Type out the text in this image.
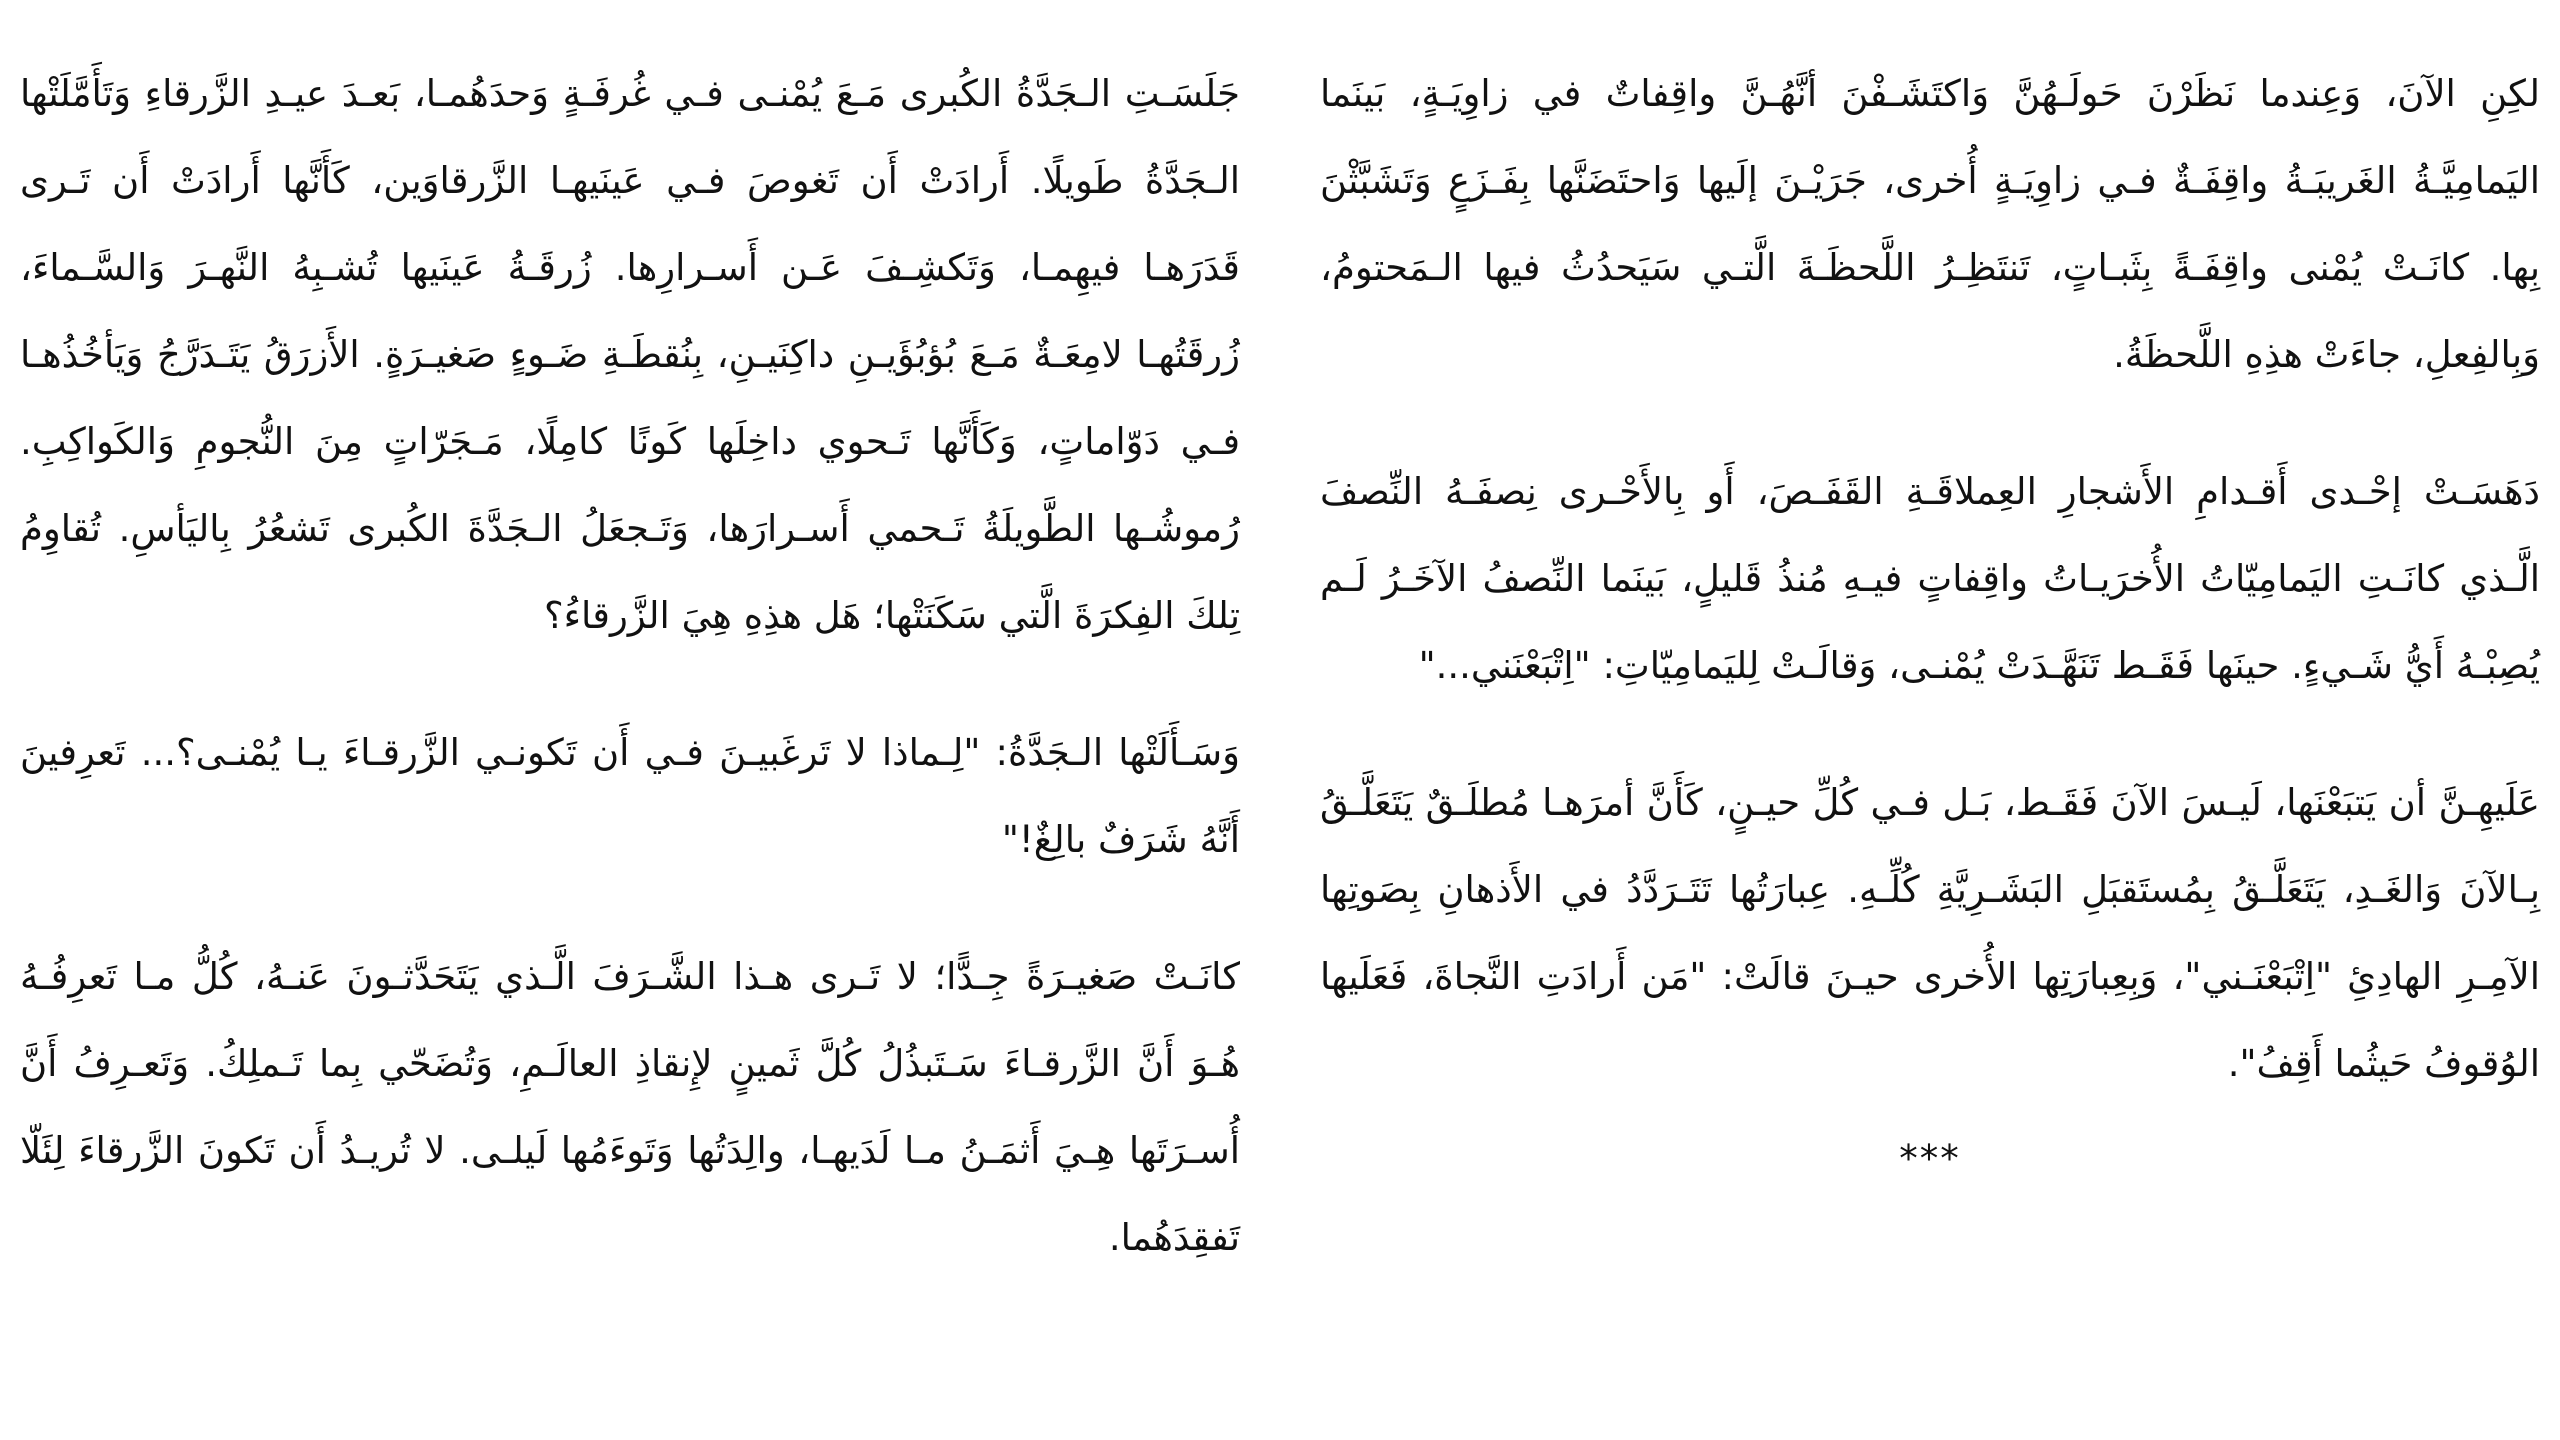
لكِنِ الآنَ، وَعِندما نَظَرْنَ حَولَـهُنَّ وَاكتَشَـفْنَ أنَّهُـنَّ واقِفاتٌ في زاوِيَـةٍ، بَينَما اليَمامِيَّـةُ الغَريبَـةُ واقِفَـةٌ فـي زاوِيَـةٍ أُخرى، جَرَيْـنَ إلَيها وَاحتَضَنَّها بِفَـزَعٍ وَتَشَبَّثْنَ بِها. كانَـتْ يُمْنى واقِفَـةً بِثَبـاتٍ، تَنتَظِـرُ اللَّحظَـةَ الَّتـي سَيَحدُثُ فيها الـمَحتومُ، وَبِالفِعلِ، جاءَتْ هذِهِ اللَّحظَةُ.

دَهَسَـتْ إحْـدى أَقـدامِ الأَشجارِ العِملاقَـةِ القَفَـصَ، أَو بِالأَحْـرى نِصفَـهُ النِّصفَ الَّـذي كانَـتِ اليَمامِيّاتُ الأُخرَيـاتُ واقِفاتٍ فيـهِ مُنذُ قَليلٍ، بَينَما النِّصفُ الآخَـرُ لَـم يُصِبْـهُ أَيُّ شَـيءٍ. حينَها فَقَـط تَنَهَّـدَتْ يُمْنـى، وَقالَـتْ لِليَمامِيّاتِ: "اِتْبَعْنَني..."

عَلَيهِـنَّ أن يَتبَعْنَها، لَيـسَ الآنَ فَقَـط، بَـل فـي كُلِّ حيـنٍ، كَأَنَّ أمرَهـا مُطلَـقٌ يَتَعَلَّـقُ بِـالآنَ وَالغَـدِ، يَتَعَلَّـقُ بِمُستَقبَلِ البَشَـرِيَّةِ كُلِّـهِ. عِبارَتُها تَتَـرَدَّدُ في الأَذهانِ بِصَوتِها الآمِـرِ الهادِئِ "اِتْبَعْنَـني"، وَبِعِبارَتِها الأُخرى حيـنَ قالَتْ: "مَن أَرادَتِ النَّجاةَ، فَعَلَيها الوُقوفُ حَيثُما أَقِفُ".

***

جَلَسَـتِ الـجَدَّةُ الكُبرى مَـعَ يُمْنـى فـي غُرفَـةٍ وَحدَهُمـا، بَعـدَ عيـدِ الزَّرقاءِ وَتَأَمَّلَتْها الـجَدَّةُ طَويلًا. أَرادَتْ أَن تَغوصَ فـي عَينَيهـا الزَّرقاوَين، كَأَنَّها أَرادَتْ أَن تَـرى قَدَرَهـا فيهِمـا، وَتَكشِـفَ عَـن أَسـرارِها. زُرقَـةُ عَينَيها تُشـبِهُ النَّهـرَ وَالسَّـماءَ، زُرقَتُهـا لامِعَـةٌ مَـعَ بُؤبُؤَيـنِ داكِنَيـنِ، بِنُقطَـةِ ضَـوءٍ صَغيـرَةٍ. الأَزرَقُ يَتَـدَرَّجُ وَيَأخُذُهـا فـي دَوّاماتٍ، وَكَأَنَّها تَـحوي داخِلَها كَونًا كامِلًا، مَـجَرّاتٍ مِنَ النُّجومِ وَالكَواكِبِ. رُموشُـها الطَّويلَةُ تَـحمي أَسـرارَها، وَتَـجعَلُ الـجَدَّةَ الكُبرى تَشعُرُ بِاليَأسِ. تُقاوِمُ تِلكَ الفِكرَةَ الَّتي سَكَنَتْها؛ هَل هذِهِ هِيَ الزَّرقاءُ؟

وَسَـأَلَتْها الـجَدَّةُ: "لِـماذا لا تَرغَبيـنَ فـي أَن تَكونـي الزَّرقـاءَ يـا يُمْنـى؟... تَعرِفينَ أَنَّهُ شَرَفٌ بالِغٌ!"

كانَـتْ صَغيـرَةً جِـدًّا؛ لا تَـرى هـذا الشَّـرَفَ الَّـذي يَتَحَدَّثـونَ عَنـهُ، كُلُّ مـا تَعرِفُـهُ هُـوَ أَنَّ الزَّرقـاءَ سَـتَبذُلُ كُلَّ ثَمينٍ لإِنقاذِ العالَـمِ، وَتُضَحّي بِما تَـملِكُ. وَتَعـرِفُ أَنَّ أُسـرَتَها هِـيَ أَثمَـنُ مـا لَدَيهـا، والِدَتُها وَتَوءَمُها لَيلـى. لا تُريـدُ أَن تَكونَ الزَّرقاءَ لِئَلّا تَفقِدَهُما.
